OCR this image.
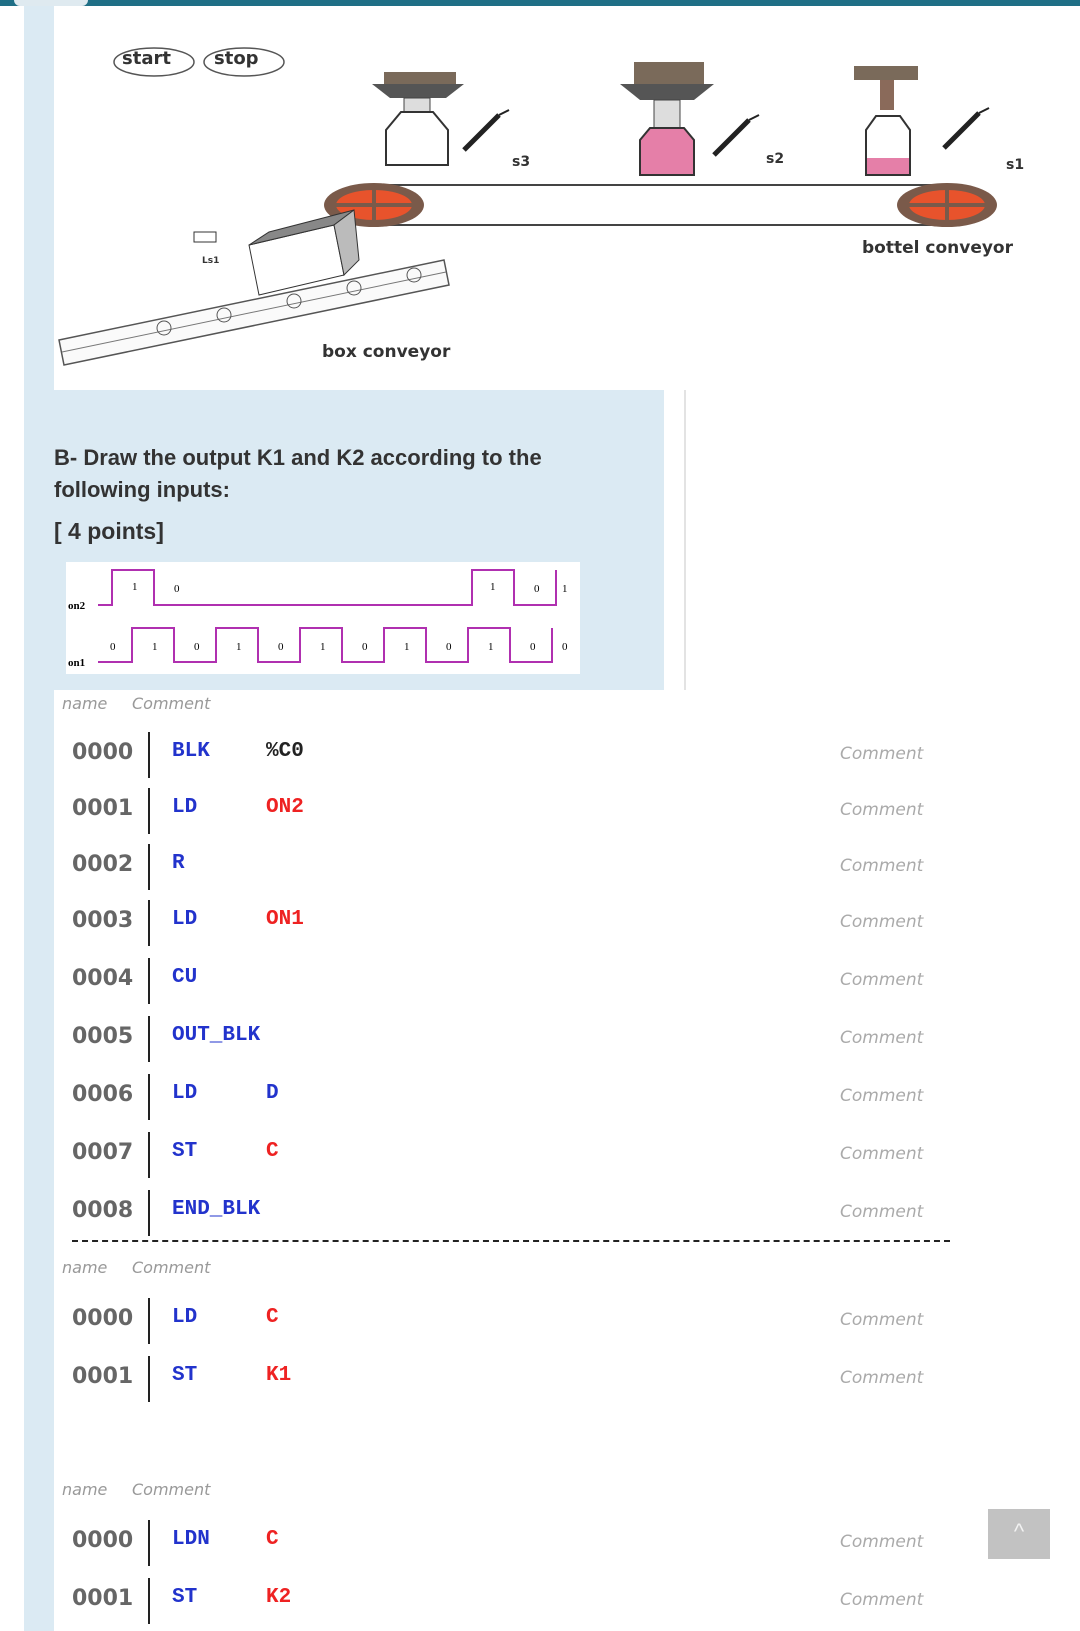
start stop
s3	s2	s1
Ls1
bottel conveyor
box conveyor
B- Draw the output K1 and K2 according to the following inputs:
[ 4 points]
on2
on1
1	0	1	0
0	1	0	1	0	1	0	1	0	1	0
1
0
name Comment
0000 BLK	%C0	Comment
0001 LD	ON2	Comment
0002 R	Comment
0003 LD	ON1	Comment
0004 CU	Comment
0005 OUT_BLK	Comment
0006 LD	D	Comment
0007 ST	C	Comment
0008 END_BLK	Comment
name Comment
0000 LD	C	Comment
0001 ST	K1	Comment
name Comment
0000 LDN	C	Comment
0001 ST	K2	Comment
^
